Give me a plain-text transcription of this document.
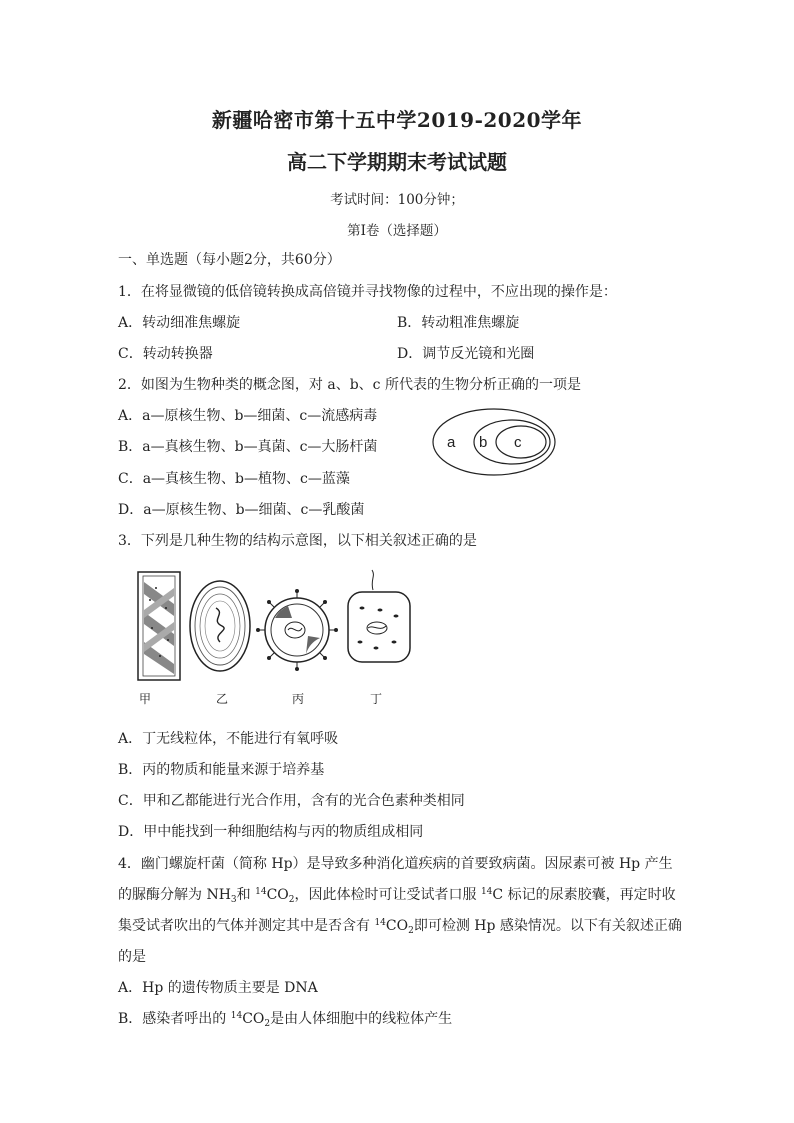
新疆哈密市第十五中学2019-2020学年
高二下学期期末考试试题
考试时间：100分钟；
第I卷（选择题）
一、单选题（每小题2分，共60分）
1．在将显微镜的低倍镜转换成高倍镜并寻找物像的过程中，不应出现的操作是：
A．转动细准焦螺旋	B．转动粗准焦螺旋
C．转动转换器	D．调节反光镜和光圈
2．如图为生物种类的概念图，对 a、b、c 所代表的生物分析正确的一项是
A．a—原核生物、b—细菌、c—流感病毒
B．a—真核生物、b—真菌、c—大肠杆菌
C．a—真核生物、b—植物、c—蓝藻
D．a—原核生物、b—细菌、c—乳酸菌
a b c
3．下列是几种生物的结构示意图，以下相关叙述正确的是
甲	乙	丙	丁
A．丁无线粒体，不能进行有氧呼吸
B．丙的物质和能量来源于培养基
C．甲和乙都能进行光合作用，含有的光合色素种类相同
D．甲中能找到一种细胞结构与丙的物质组成相同
4．幽门螺旋杆菌（简称 Hp）是导致多种消化道疾病的首要致病菌。因尿素可被 Hp 产生
的脲酶分解为 $NH_3$和 $^{14}CO_2$，因此体检时可让受试者口服 $^{14}$C 标记的尿素胶囊，再定时收
集受试者吹出的气体并测定其中是否含有 $^{14}CO_2$即可检测 Hp 感染情况。以下有关叙述正确
的是
A．Hp 的遗传物质主要是 DNA
B．感染者呼出的 $^{14}CO_2$是由人体细胞中的线粒体产生
